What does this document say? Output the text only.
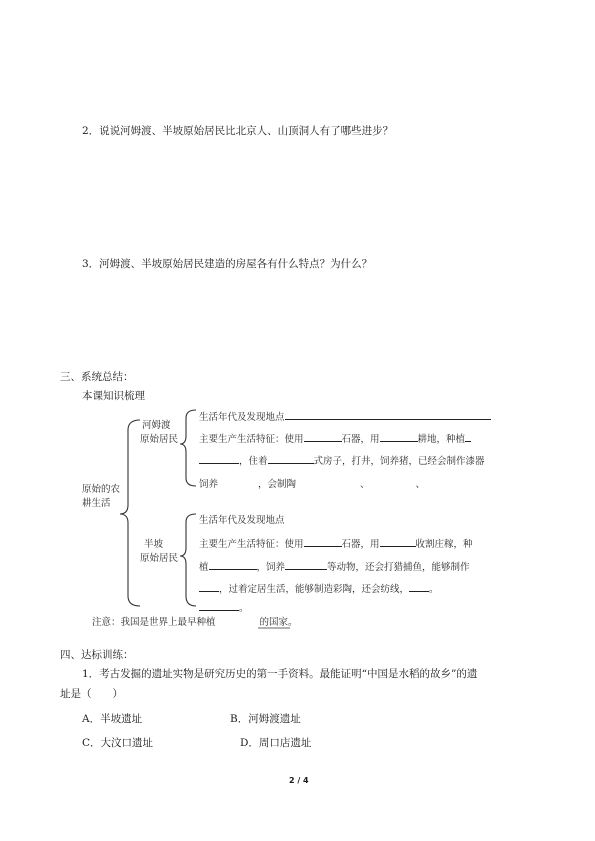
2．说说河姆渡、半坡原始居民比北京人、山顶洞人有了哪些进步？
3．河姆渡、半坡原始居民建造的房屋各有什么特点？为什么？
三、系统总结：
本课知识梳理
原始的农
耕生活
河姆渡
原始居民
生活年代及发现地点
主要生产生活特征：使用	石器，用	耕地，种植
，住着	式房子，打井，饲养猪，已经会制作漆器
饲养	，会制陶	、	、
半坡
原始居民
生活年代及发现地点
主要生产生活特征：使用	石器，用	收割庄稼，种
植	，饲养	等动物，还会打猎捕鱼，能够制作
，过着定居生活，能够制造彩陶，还会纺线， 。
。
注意：我国是世界上最早种植	的国家。
四、达标训练：
1．考古发掘的遗址实物是研究历史的第一手资料。最能证明“中国是水稻的故乡”的遗
址是（　　）
A．半坡遗址	B．河姆渡遗址
C．大汶口遗址	D．周口店遗址
2 / 4
